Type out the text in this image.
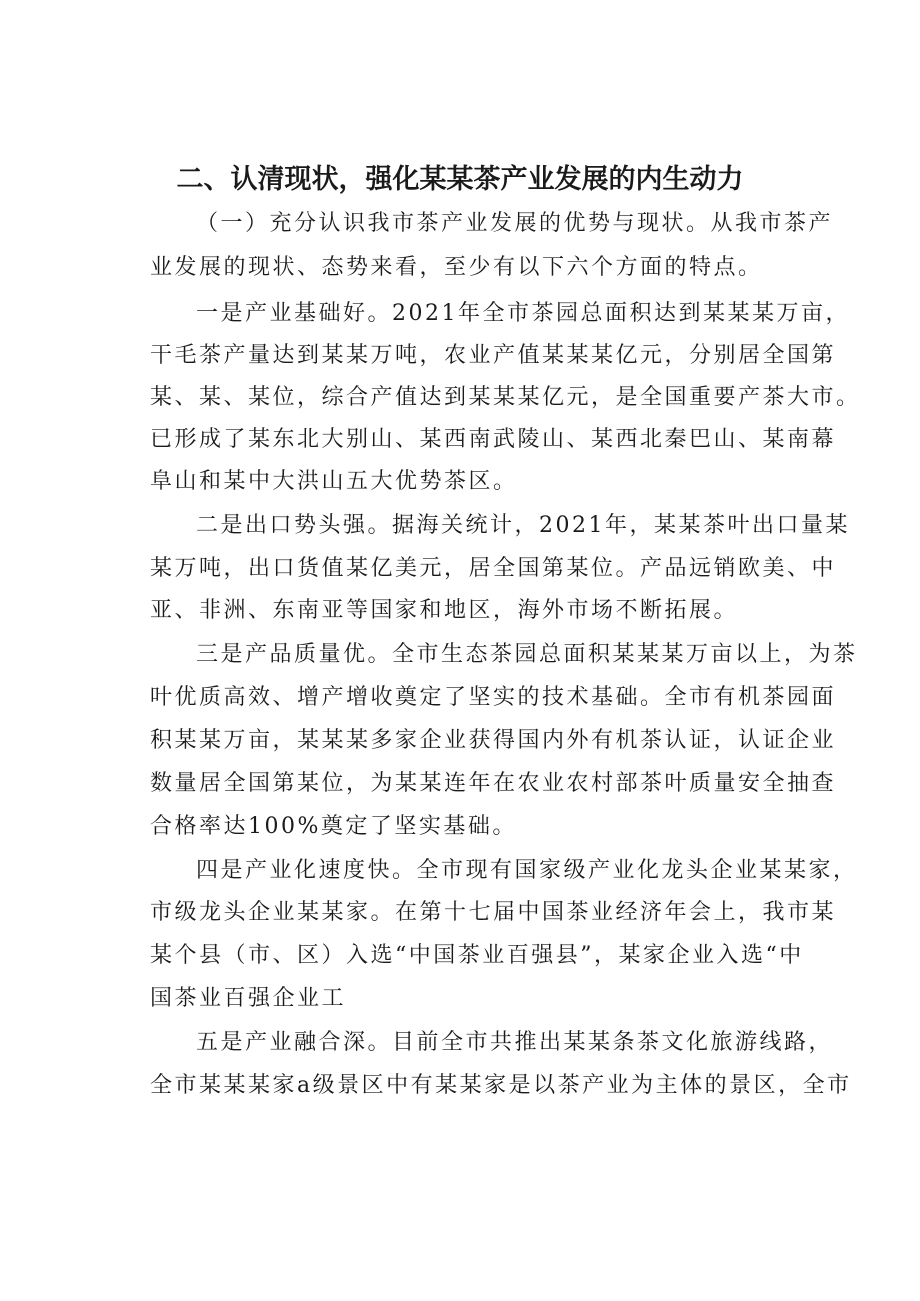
二、认清现状，强化某某茶产业发展的内生动力
（一）充分认识我市茶产业发展的优势与现状。从我市茶产
业发展的现状、态势来看，至少有以下六个方面的特点。
一是产业基础好。2021年全市茶园总面积达到某某某万亩，
干毛茶产量达到某某万吨，农业产值某某某亿元，分别居全国第
某、某、某位，综合产值达到某某某亿元，是全国重要产茶大市。
已形成了某东北大别山、某西南武陵山、某西北秦巴山、某南幕
阜山和某中大洪山五大优势茶区。
二是出口势头强。据海关统计，2021年，某某茶叶出口量某
某万吨，出口货值某亿美元，居全国第某位。产品远销欧美、中
亚、非洲、东南亚等国家和地区，海外市场不断拓展。
三是产品质量优。全市生态茶园总面积某某某万亩以上，为茶
叶优质高效、增产增收奠定了坚实的技术基础。全市有机茶园面
积某某万亩，某某某多家企业获得国内外有机茶认证，认证企业
数量居全国第某位，为某某连年在农业农村部茶叶质量安全抽查
合格率达100%奠定了坚实基础。
四是产业化速度快。全市现有国家级产业化龙头企业某某家，
市级龙头企业某某家。在第十七届中国茶业经济年会上，我市某
某个县（市、区）入选“中国茶业百强县”，某家企业入选“中
国茶业百强企业工
五是产业融合深。目前全市共推出某某条茶文化旅游线路，
全市某某某家a级景区中有某某家是以茶产业为主体的景区，全市
